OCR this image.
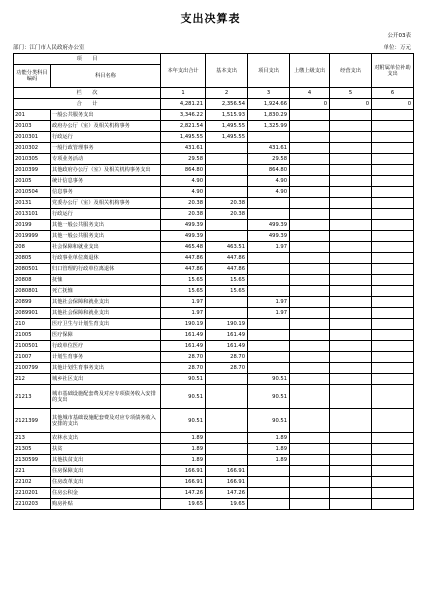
支出决算表
公开03表
部门：江门市人民政府办公室	单位：万元
项　　目		本年支出合计	基本支出	项目支出	上缴上级支出	经营支出	对附属单位补助支出
功能分类科目编码	科目名称						
栏　　次		1	2	3	4	5	6
合　　计		4,281.21	2,356.54	1,924.66	0	0	0
201	一般公共服务支出	3,346.22	1,515.93	1,830.29			
20103	政府办公厅（室）及相关机构事务	2,821.54	1,495.55	1,325.99			
2010301	行政运行	1,495.55	1,495.55				
2010302	一般行政管理事务	431.61		431.61			
2010305	专项业务活动	29.58		29.58			
2010399	其他政府办公厅（室）及相关机构事务支出	864.80		864.80			
20105	统计信息事务	4.90		4.90			
2010504	信息事务	4.90		4.90			
20131	党委办公厅（室）及相关机构事务	20.38	20.38				
2013101	行政运行	20.38	20.38				
20199	其他一般公共服务支出	499.39		499.39			
2019999	其他一般公共服务支出	499.39		499.39			
208	社会保障和就业支出	465.48	463.51	1.97			
20805	行政事业单位离退休	447.86	447.86				
2080501	归口管理的行政单位离退休	447.86	447.86				
20808	抚恤	15.65	15.65				
2080801	死亡抚恤	15.65	15.65				
20899	其他社会保障和就业支出	1.97		1.97			
2089901	其他社会保障和就业支出	1.97		1.97			
210	医疗卫生与计划生育支出	190.19	190.19				
21005	医疗保障	161.49	161.49				
2100501	行政单位医疗	161.49	161.49				
21007	计划生育事务	28.70	28.70				
2100799	其他计划生育事务支出	28.70	28.70				
212	城乡社区支出	90.51		90.51			
21213	城市基础设施配套费及对应专项债务收入安排的支出	90.51		90.51			
2121399	其他城市基础设施配套费及对应专项债务收入安排的支出	90.51		90.51			
213	农林水支出	1.89		1.89			
21305	扶贫	1.89		1.89			
2130599	其他扶贫支出	1.89		1.89			
221	住房保障支出	166.91	166.91				
22102	住房改革支出	166.91	166.91				
2210201	住房公积金	147.26	147.26				
2210203	购房补贴	19.65	19.65				
